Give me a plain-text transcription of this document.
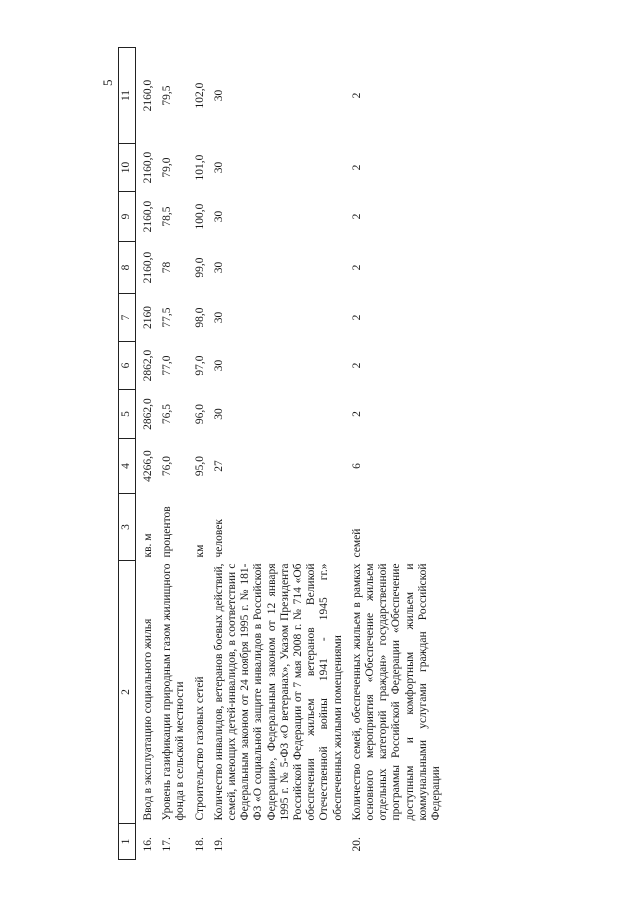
5
1	2	3	4	5	6	7	8	9	10	11
16.	Ввод в эксплуатацию социального жилья	кв. м	4266,0	2862,0	2862,0	2160	2160,0	2160,0	2160,0	2160,0
17.	Уровень газификации природным газом жилищного фонда в сельской местности	процентов	76,0	76,5	77,0	77,5	78	78,5	79,0	79,5
18.	Строительство газовых сетей	км	95,0	96,0	97,0	98,0	99,0	100,0	101,0	102,0
19.	Количество инвалидов, ветеранов боевых действий, семей, имеющих детей-инвалидов, в соответствии с Федеральным законом от 24 ноября 1995 г. № 181-ФЗ «О социальной защите инвалидов в Российской Федерации», Федеральным законом от 12 января 1995 г. № 5-ФЗ «О ветеранах», Указом Президента Российской Федерации от 7 мая 2008 г. № 714 «Об обеспечении жильем ветеранов Великой Отечественной войны 1941 - 1945 гг.» обеспеченных жилыми помещениями	человек	27	30	30	30	30	30	30	30
20.	Количество семей, обеспеченных жильем в рамках основного мероприятия «Обеспечение жильем отдельных категорий граждан» государственной программы Российской Федерации «Обеспечение доступным и комфортным жильем и коммунальными услугами граждан Российской Федерации	семей	6	2	2	2	2	2	2	2
